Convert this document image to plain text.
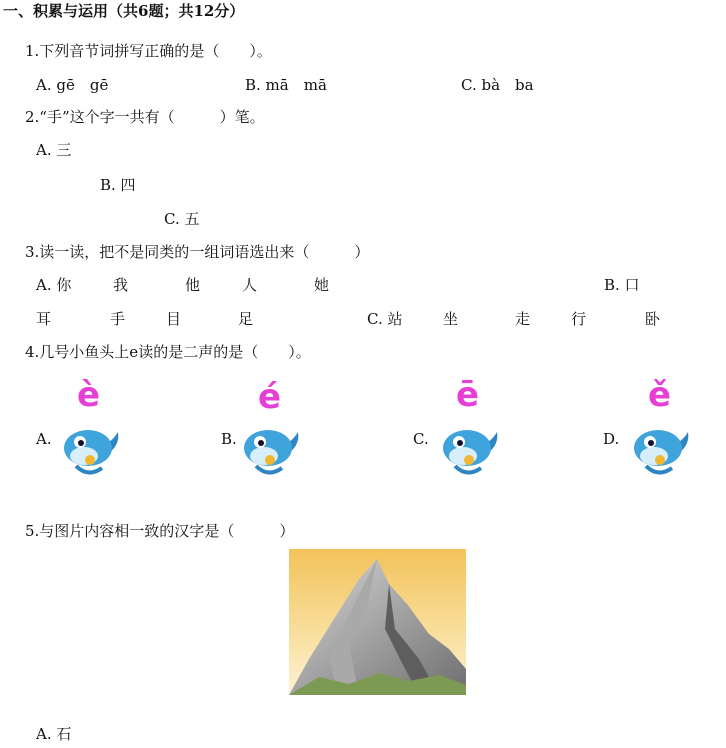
一、积累与运用（共6题；共12分）
1.下列音节词拼写正确的是（　　）。
A. gē　gē	B. mā　mā	C. bà　ba
2.“手”这个字一共有（　　　）笔。
A. 三
B. 四
C. 五
3.读一读，把不是同类的一组词语选出来（　　　）
A. 你	我	他	人	她	B. 口
耳	手	目	足	C. 站	坐	走	行	卧
4.几号小鱼头上e读的是二声的是（　　）。
A.
è
B.
é
C.
ē
D.
ě
5.与图片内容相一致的汉字是（　　　）
A. 石
